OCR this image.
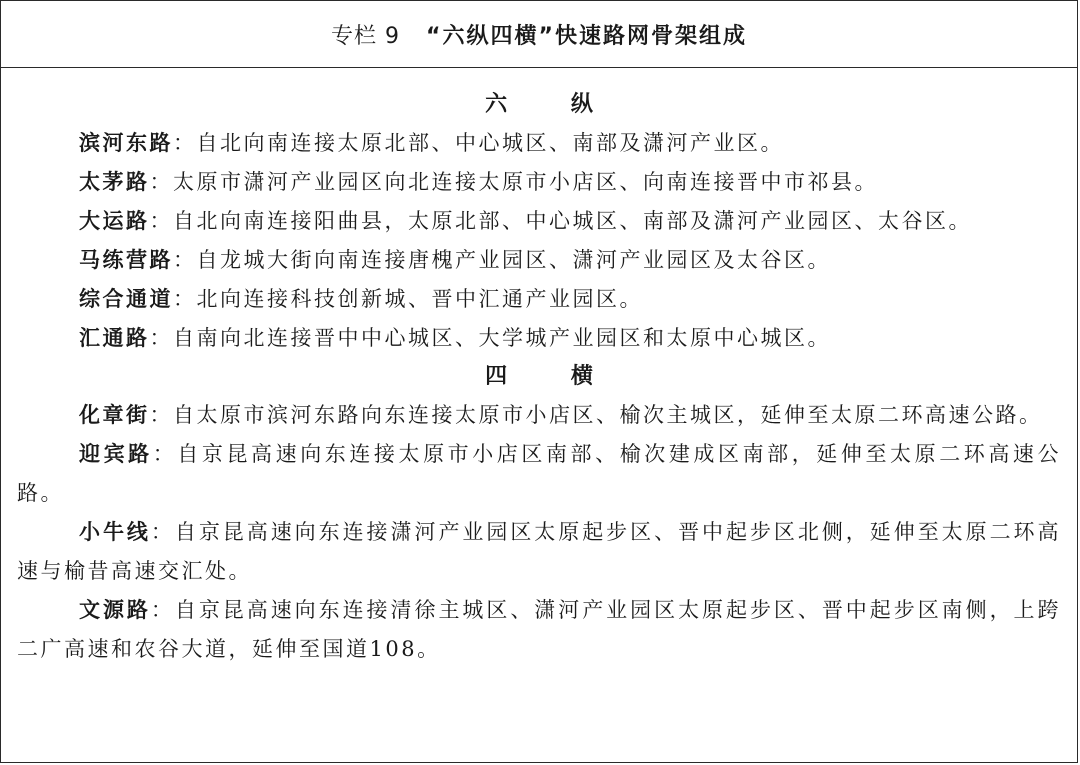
专栏 9 “六纵四横”快速路网骨架组成
六 纵

滨河东路：自北向南连接太原北部、中心城区、南部及潇河产业区。

太茅路：太原市潇河产业园区向北连接太原市小店区、向南连接晋中市祁县。

大运路：自北向南连接阳曲县，太原北部、中心城区、南部及潇河产业园区、太谷区。

马练营路：自龙城大街向南连接唐槐产业园区、潇河产业园区及太谷区。

综合通道：北向连接科技创新城、晋中汇通产业园区。

汇通路：自南向北连接晋中中心城区、大学城产业园区和太原中心城区。

四 横

化章街：自太原市滨河东路向东连接太原市小店区、榆次主城区，延伸至太原二环高速公路。

迎宾路：自京昆高速向东连接太原市小店区南部、榆次建成区南部，延伸至太原二环高速公路。

小牛线：自京昆高速向东连接潇河产业园区太原起步区、晋中起步区北侧，延伸至太原二环高速与榆昔高速交汇处。

文源路：自京昆高速向东连接清徐主城区、潇河产业园区太原起步区、晋中起步区南侧，上跨二广高速和农谷大道，延伸至国道108。
